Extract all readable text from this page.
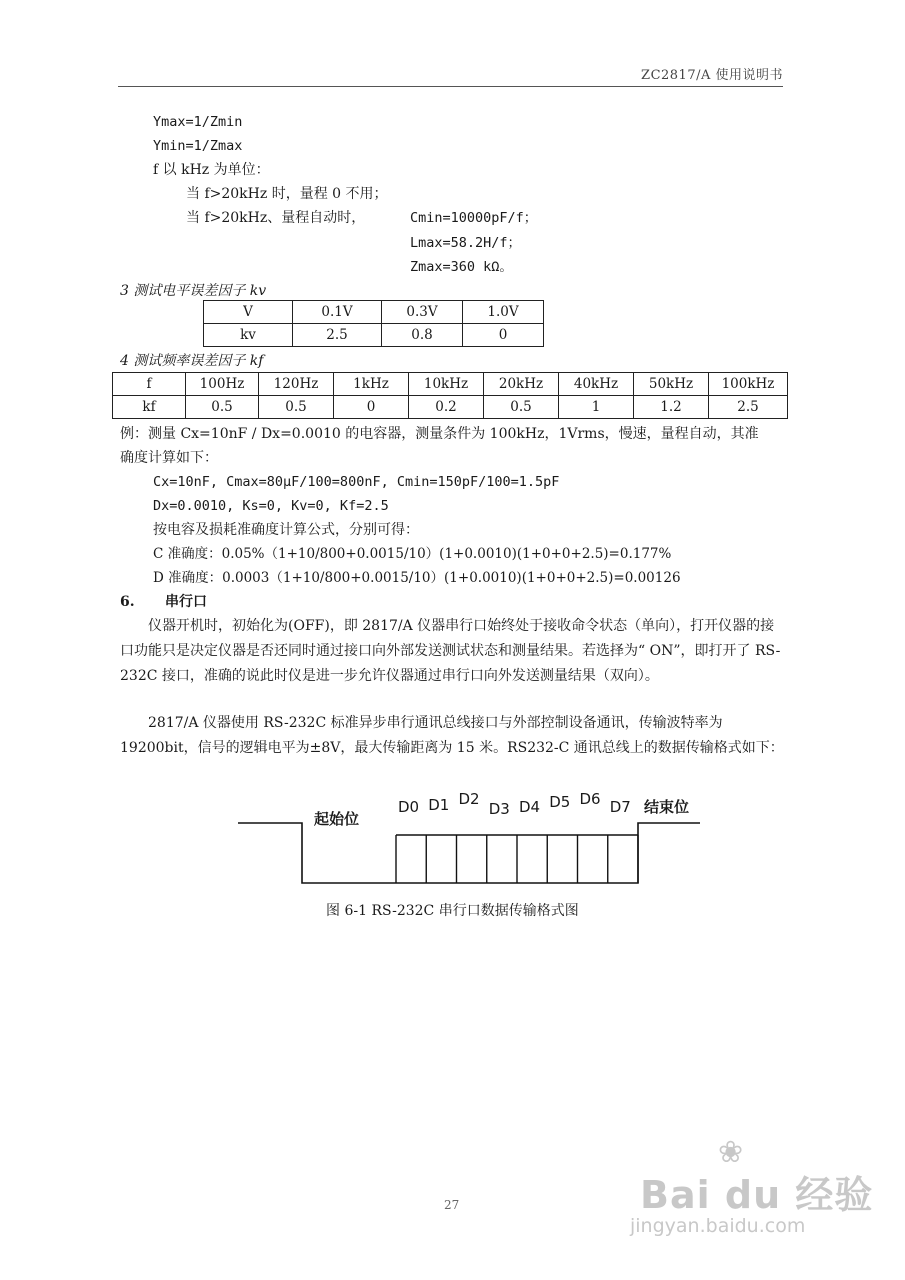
ZC2817/A 使用说明书
Ymax=1/Zmin
Ymin=1/Zmax
f 以 kHz 为单位：
当 f>20kHz 时，量程 0 不用；
当 f>20kHz、量程自动时，	Cmin=10000pF/f；
Lmax=58.2H/f；
Zmax=360 kΩ。
3 测试电平误差因子 kv
V	0.1V	0.3V	1.0V
kv	2.5	0.8	0
4 测试频率误差因子 kf
f	100Hz	120Hz	1kHz	10kHz	20kHz	40kHz	50kHz	100kHz
kf	0.5	0.5	0	0.2	0.5	1	1.2	2.5
例：测量 Cx=10nF / Dx=0.0010 的电容器，测量条件为 100kHz，1Vrms，慢速，量程自动，其准
确度计算如下：
Cx=10nF, Cmax=80μF/100=800nF, Cmin=150pF/100=1.5pF
Dx=0.0010, Ks=0, Kv=0, Kf=2.5
按电容及损耗准确度计算公式，分别可得：
C 准确度：0.05%（1+10/800+0.0015/10）(1+0.0010)(1+0+0+2.5)=0.177%
D 准确度：0.0003（1+10/800+0.0015/10）(1+0.0010)(1+0+0+2.5)=0.00126
6. 串行口
仪器开机时，初始化为(OFF)，即 2817/A 仪器串行口始终处于接收命令状态（单向），打开仪器的接口功能只是决定仪器是否还同时通过接口向外部发送测试状态和测量结果。若选择为“ ON”，即打开了 RS-232C 接口，准确的说此时仪是进一步允许仪器通过串行口向外发送测量结果（双向）。
2817/A 仪器使用 RS-232C 标准异步串行通讯总线接口与外部控制设备通讯，传输波特率为 19200bit，信号的逻辑电平为±8V，最大传输距离为 15 米。RS232-C 通讯总线上的数据传输格式如下：
起始位
D0 D1 D2
D3 D4 D5 D6 D7 结束位
图 6-1 RS-232C 串行口数据传输格式图
27	Bai du 经验
❀
jingyan.baidu.com
